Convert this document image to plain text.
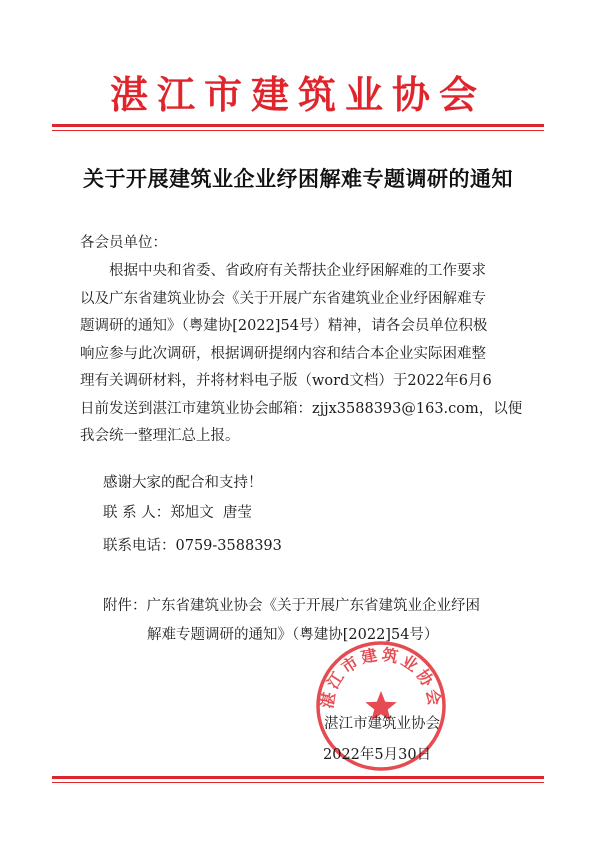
湛江市建筑业协会
关于开展建筑业企业纾困解难专题调研的通知
各会员单位：
根据中央和省委、省政府有关帮扶企业纾困解难的工作要求
以及广东省建筑业协会《关于开展广东省建筑业企业纾困解难专
题调研的通知》（粤建协[2022]54号）精神，请各会员单位积极
响应参与此次调研，根据调研提纲内容和结合本企业实际困难整
理有关调研材料，并将材料电子版（word文档）于2022年6月6
日前发送到湛江市建筑业协会邮箱：zjjx3588393@163.com，以便
我会统一整理汇总上报。
感谢大家的配合和支持！
联 系 人：郑旭文  唐莹
联系电话：0759-3588393
附件：广东省建筑业协会《关于开展广东省建筑业企业纾困
解难专题调研的通知》（粤建协[2022]54号）
湛江市建筑业协会
湛江市建筑业协会
2022年5月30日
